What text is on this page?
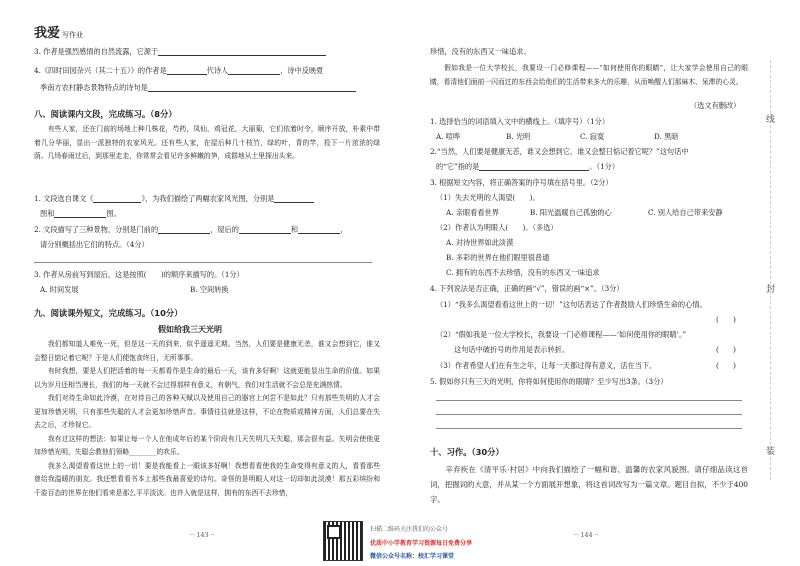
我爱 写作业
3. 作者是强烈感情的自然流露，它源于
4.《四时田园杂兴（其二十五）》的作者是	代诗人	，诗中反映夏
季南方农村静态景物特点的诗句是
八、阅读课内文段，完成练习。（8分）
　　有些人家，还在门前的场地上种几株花，芍药，凤仙，鸡冠花，大丽菊，它们依着时令，顺序开放，朴素中带着几分华丽，显出一派独特的农家风光。还有些人家，在屋后种几十枝竹，绿的叶，青的竿，投下一片浓浓的绿荫。几场春雨过后，到那里走走，你常常会看见许多鲜嫩的笋，成群地从土里探出头来。
1. 文段选自课文《	》，为我们描绘了两幅农家风光图，分别是
图和	图。
2. 文段描写了三种景物，分别是门前的	，屋后的	和	，
请分别概括出它们的特点。（4分）
3. 作者从房前写到屋后，这是按照(　　)的顺序来描写的。（1分）
A. 时间发展	B. 空间转换
九、阅读课外短文，完成练习。（10分）
假如给我三天光明
　　我们都知道人难免一死，但是这一天的到来，似乎遥遥无期。当然，人们要是健康无恙，谁又会想到它，谁又会整日惦记着它呢？于是人们便饱食终日，无所事事。
　　有时我想，要是人们把活着的每一天都看作是生命的最后一天，该有多好啊！这就更能显出生命的价值。如果以为岁月还相当漫长，我们的每一天就不会过得那样有意义，有朝气，我们对生活就不会总是充满热情。
　　我们对待生命如此冷漠，在对待自己的各种天赋以及使用自己的器官上何尝不是如此？只有那些失明的人才会更加珍惜光明，只有那些失聪的人才会更加珍惜声音。事情往往就是这样，不论在物质或精神方面，人们总要在失去之后，才珍视它。
　　我有过这样的想法：如果让每一个人在他成年后的某个阶段有几天失明几天失聪，那会很有益。失明会使他更加珍惜光明，失聪会教他们领略________的欢乐。
　　我多么渴望看看这世上的一切！要是我能看上一眼该多好啊！我想看看使我的生命变得有意义的人，看看那些曾给我温暖的朋友。我还想看看书本上那些我最喜爱的诗句。奇怪的是明眼人对这一切却如此淡漠！那五彩缤纷和千姿百态的世界在他们看来是那么平平淡淡。也许人就是这样，拥有的东西不去珍惜，
·· 143 ··
珍惜，没有的东西又一味追求。
　　假如我是一位大学校长，我要设一门必修课程——“如何使用你的眼睛”，让大家学会使用自己的眼睛，看清他们面前一闪而过的东西会给他们的生活带来多大的乐趣，从而唤醒人们那麻木、呆滞的心灵。
（选文有删改）
1. 选择恰当的词语填入文中的横线上。（填序号）（1分）
A. 喧哗	B. 光明	C. 寂寞	D. 黑暗
2.“当然，人们要是健康无恙，谁又会想到它，谁又会整日惦记着它呢？”这句话中
的“它”指的是	。（1分）
3. 根据短文内容，将正确答案的序号填在括号里。（2分）
（1）失去光明的人渴望(　　)。
A. 亲眼看看世界	B. 阳光温暖自己孤独的心	C. 别人给自己带来安静
（2）作者认为明眼人(　　)。（多选）
A. 对待世界如此淡漠
B. 多彩的世界在他们眼里很普通
C. 拥有的东西不去珍惜，没有的东西又一味追求
4. 下列说法是否正确，正确的画“√”，错误的画“×”。（3分）
（1）“我多么渴望看看这世上的一切！”这句话表达了作者鼓励人们珍惜生命的心情。
(　　)
（2）“假如我是一位大学校长，我要设一门必修课程——‘如何使用你的眼睛’。”
这句话中破折号的作用是表示转折。	(　　)
（3）作者希望人们在有生之年，让每一天都过得有意义，活在当下。	(　　)
5. 假如你只有三天的光明，你将如何使用你的眼睛？至少写出3条。（3分）
十、习作。（30分）
　　辛弃疾在《清平乐·村居》中向我们描绘了一幅和谐、温馨的农家风貌图。请仔细品读这首词，把握词的大意，并从某一个方面展开想象，将这首词改写为一篇文章。题目自拟，不少于400字。
·· 144 ··
线
封
装
扫描二维码关注我们的公众号
优质中小学教育学习资源每日免费分享
微信公众号名称：校汇学习课堂
